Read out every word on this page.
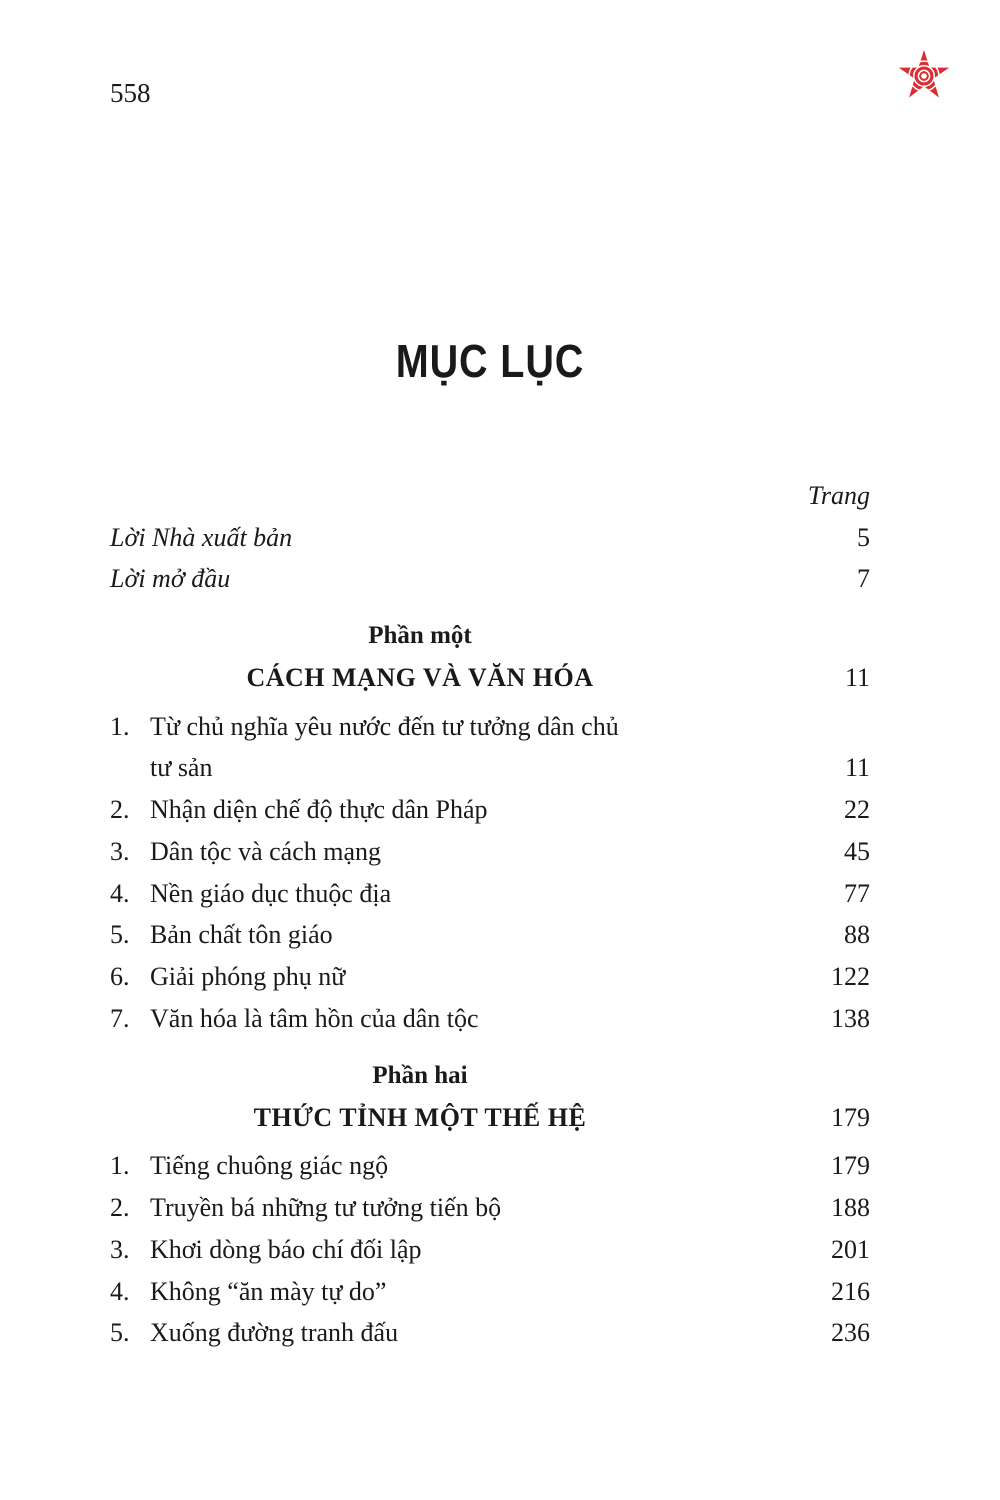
558
MỤC LỤC
Trang
Lời Nhà xuất bản	5
Lời mở đầu	7
Phần một
CÁCH MẠNG VÀ VĂN HÓA	11
1. Từ chủ nghĩa yêu nước đến tư tưởng dân chủ
tư sản	11
2. Nhận diện chế độ thực dân Pháp	22
3. Dân tộc và cách mạng	45
4. Nền giáo dục thuộc địa	77
5. Bản chất tôn giáo	88
6. Giải phóng phụ nữ	122
7. Văn hóa là tâm hồn của dân tộc	138
Phần hai
THỨC TỈNH MỘT THẾ HỆ	179
1. Tiếng chuông giác ngộ	179
2. Truyền bá những tư tưởng tiến bộ	188
3. Khơi dòng báo chí đối lập	201
4. Không “ăn mày tự do”	216
5. Xuống đường tranh đấu	236
